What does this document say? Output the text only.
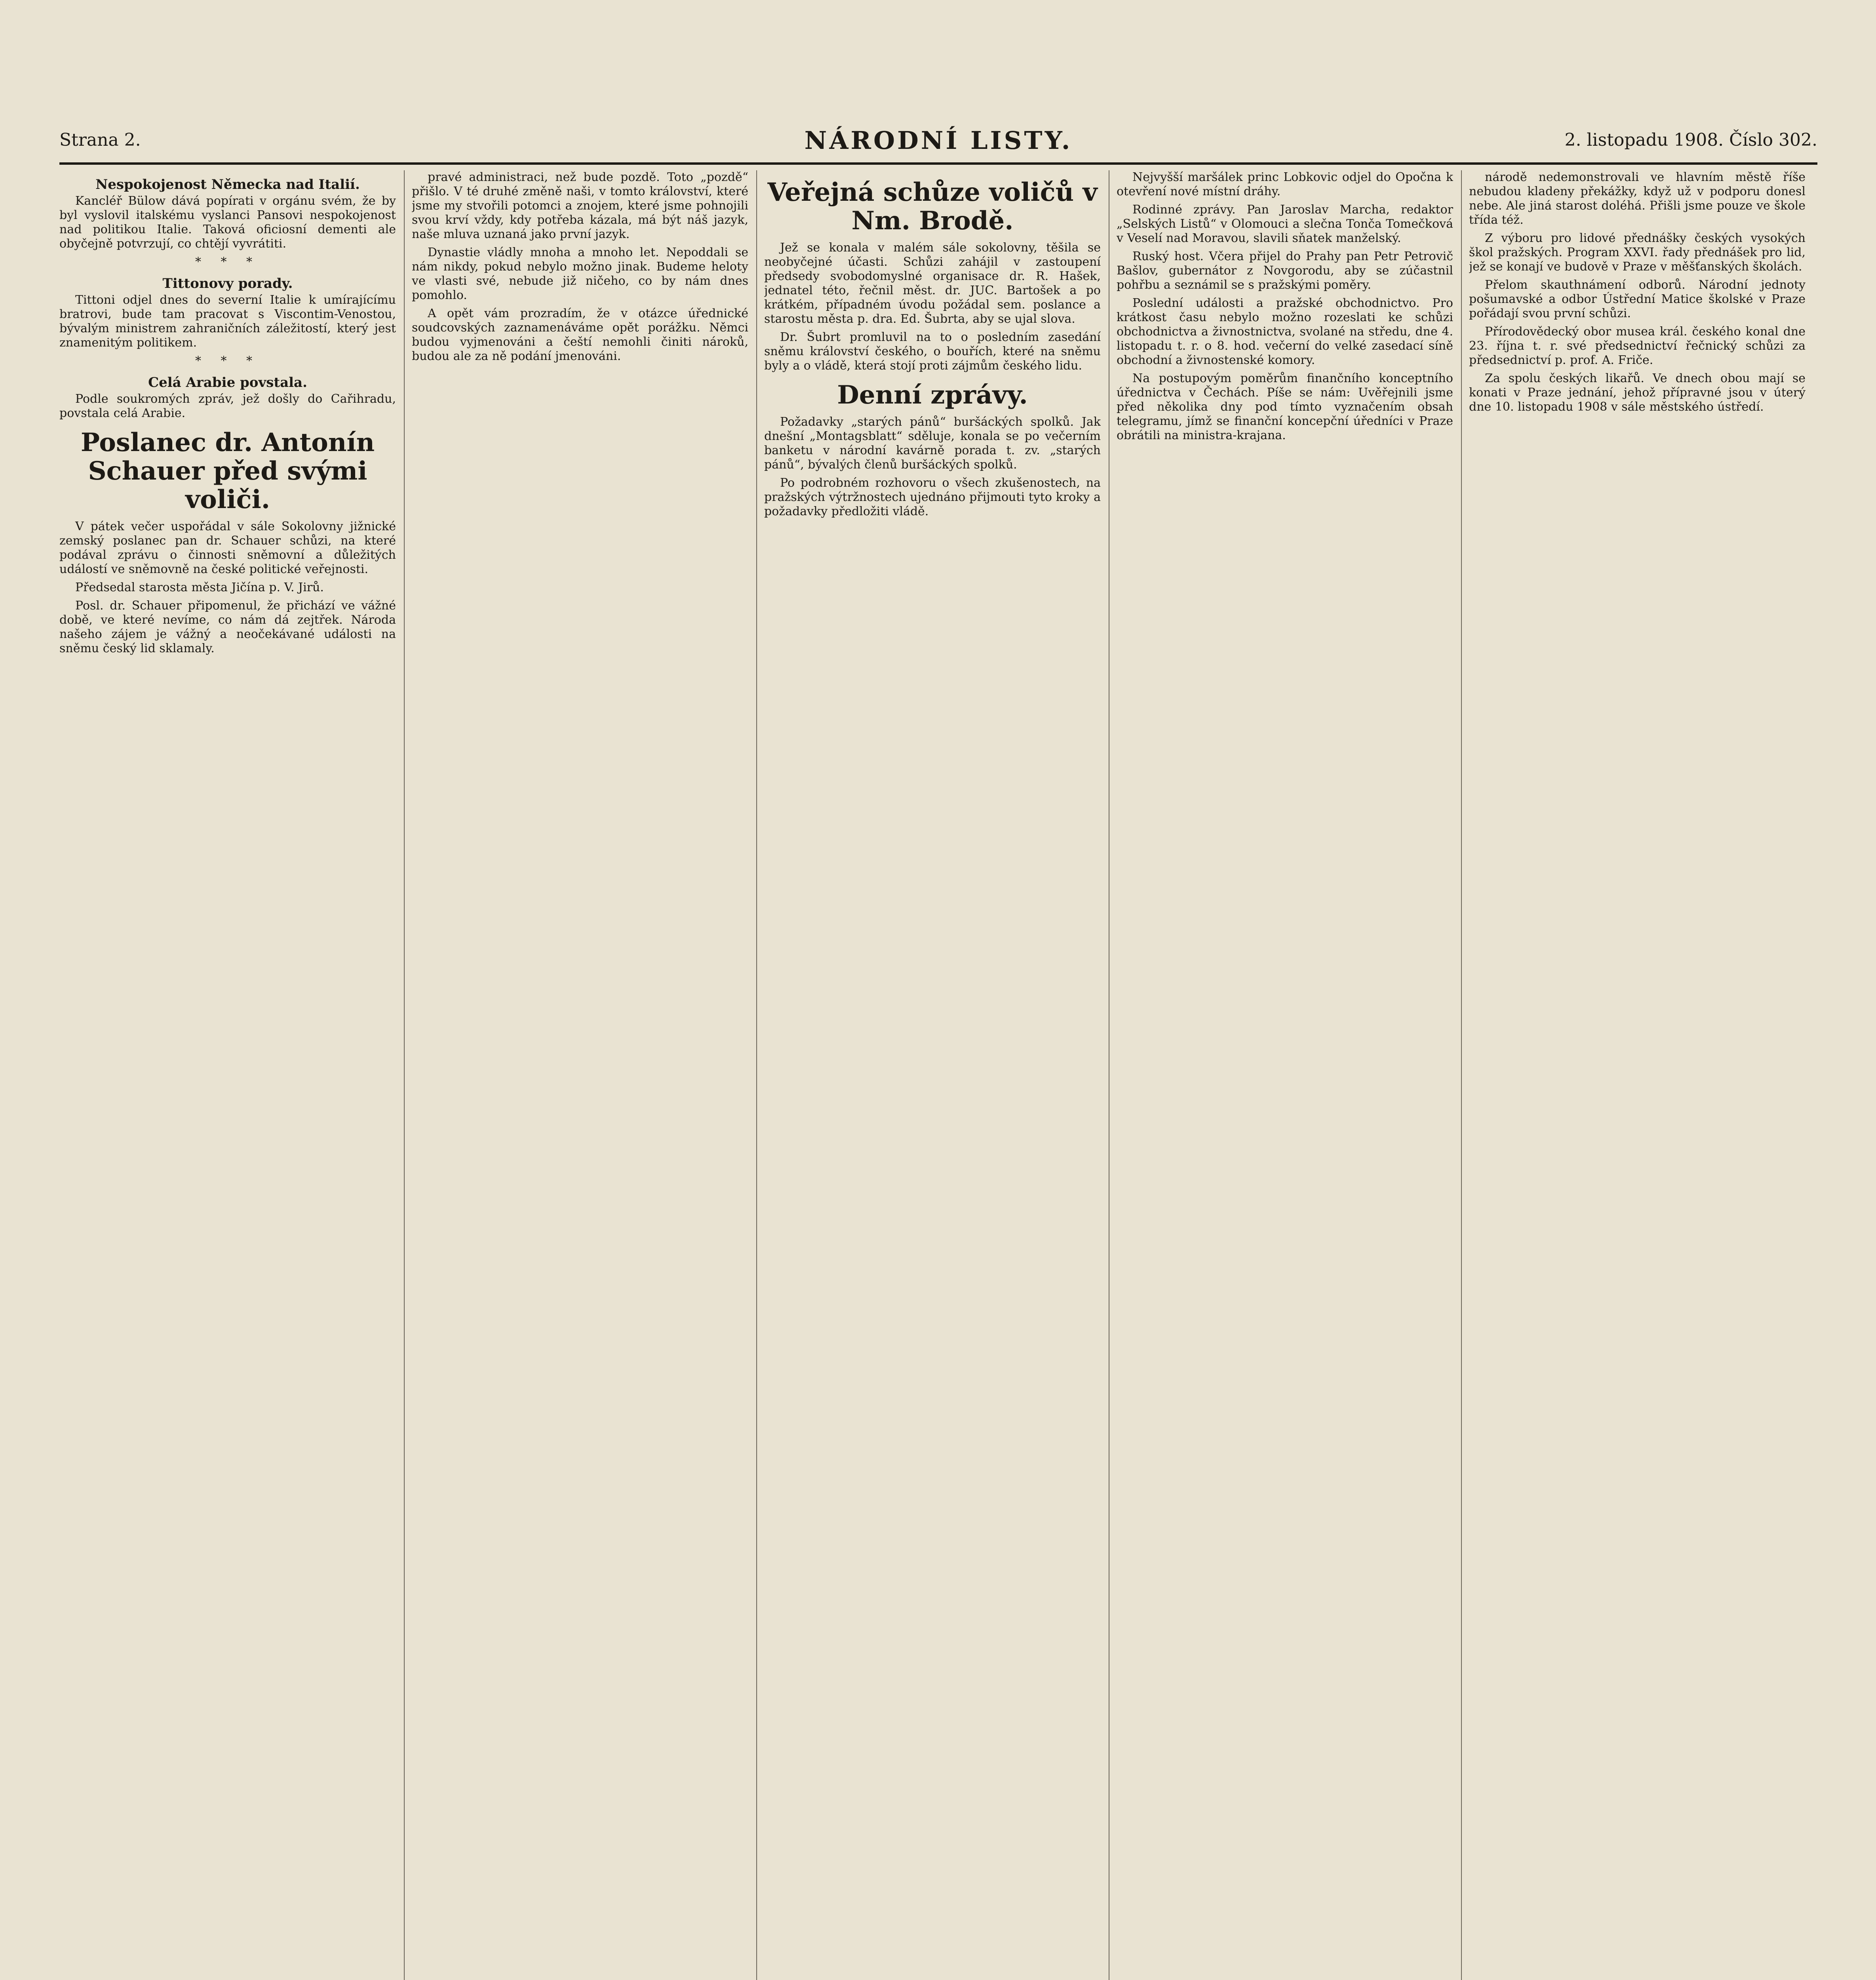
Strana 2.	NÁRODNÍ LISTY.	2. listopadu 1908. Číslo 302.
Nespokojenost Německa nad Italií.

Kancléř Bülow dává popírati v orgánu svém, že by byl vyslovil italskému vyslanci Pansovi nespokojenost nad politikou Italie. Taková oficiosní dementi ale obyčejně potvrzují, co chtějí vyvrátiti.

* * *
Tittonovy porady.

Tittoni odjel dnes do severní Italie k umírajícímu bratrovi, bude tam pracovat s Viscontim-Venostou, bývalým ministrem zahraničních záležitostí, který jest znamenitým politikem.

* * *
Celá Arabie povstala.

Podle soukromých zpráv, jež došly do Cařihradu, povstala celá Arabie.

Poslanec dr. Antonín Schauer před svými voliči.

V pátek večer uspořádal v sále Sokolovny jižnické zemský poslanec pan dr. Schauer schůzi, na které podával zprávu o činnosti sněmovní a důležitých událostí ve sněmovně na české politické veřejnosti.

Předsedal starosta města Jičína p. V. Jirů.

Posl. dr. Schauer připomenul, že přichází ve vážné době, ve které nevíme, co nám dá zejtřek. Národa našeho zájem je vážný a neočekávané události na sněmu český lid sklamaly.

pravé administraci, než bude pozdě. Toto „pozdě“ přišlo. V té druhé změně naši, v tomto království, které jsme my stvořili potomci a znojem, které jsme pohnojili svou krví vždy, kdy potřeba kázala, má být náš jazyk, naše mluva uznaná jako první jazyk.

Dynastie vládly mnoha a mnoho let. Nepoddali se nám nikdy, pokud nebylo možno jinak. Budeme heloty ve vlasti své, nebude již ničeho, co by nám dnes pomohlo.

A opět vám prozradím, že v otázce úřednické soudcovských zaznamenáváme opět porážku. Němci budou vyjmenováni a čeští nemohli činiti nároků, budou ale za ně podání jmenováni.

Veřejná schůze voličů v Nm. Brodě.

Jež se konala v malém sále sokolovny, těšila se neobyčejné účasti. Schůzi zahájil v zastoupení předsedy svobodomyslné organisace dr. R. Hašek, jednatel této, řečnil měst. dr. JUC. Bartošek a po krátkém, případném úvodu požádal sem. poslance a starostu města p. dra. Ed. Šubrta, aby se ujal slova.

Dr. Šubrt promluvil na to o posledním zasedání sněmu království českého, o bouřích, které na sněmu byly a o vládě, která stojí proti zájmům českého lidu.

Denní zprávy.

Požadavky „starých pánů“ buršáckých spolků. Jak dnešní „Montagsblatt“ sděluje, konala se po večerním banketu v národní kavárně porada t. zv. „starých pánů“, bývalých členů buršáckých spolků.

Po podrobném rozhovoru o všech zkušenostech, na pražských výtržnostech ujednáno přijmouti tyto kroky a požadavky předložiti vládě.

Nejvyšší maršálek princ Lobkovic odjel do Opočna k otevření nové místní dráhy.

Rodinné zprávy. Pan Jaroslav Marcha, redaktor „Selských Listů“ v Olomouci a slečna Tonča Tomečková v Veselí nad Moravou, slavili sňatek manželský.

Ruský host. Včera přijel do Prahy pan Petr Petrovič Bašlov, gubernátor z Novgorodu, aby se zúčastnil pohřbu a seznámil se s pražskými poměry.

Poslední události a pražské obchodnictvo. Pro krátkost času nebylo možno rozeslati ke schůzi obchodnictva a živnostnictva, svolané na středu, dne 4. listopadu t. r. o 8. hod. večerní do velké zasedací síně obchodní a živnostenské komory.

Na postupovým poměrům finančního konceptního úřednictva v Čechách. Píše se nám: Uvěřejnili jsme před několika dny pod tímto vyznačením obsah telegramu, jímž se finanční koncepční úředníci v Praze obrátili na ministra-krajana.

národě nedemonstrovali ve hlavním městě říše nebudou kladeny překážky, když už v podporu donesl nebe. Ale jiná starost doléhá. Přišli jsme pouze ve škole třída též.

Z výboru pro lidové přednášky českých vysokých škol pražských. Program XXVI. řady přednášek pro lid, jež se konají ve budově v Praze v měšťanských školách.

Přelom skauthnámení odborů. Národní jednoty pošumavské a odbor Ústřední Matice školské v Praze pořádají svou první schůzi.

Přírodovědecký obor musea král. českého konal dne 23. října t. r. své předsednictví řečnický schůzi za předsednictví p. prof. A. Friče.

Za spolu českých likařů. Ve dnech obou mají se konati v Praze jednání, jehož přípravné jsou v úterý dne 10. listopadu 1908 v sále městského ústředí.
